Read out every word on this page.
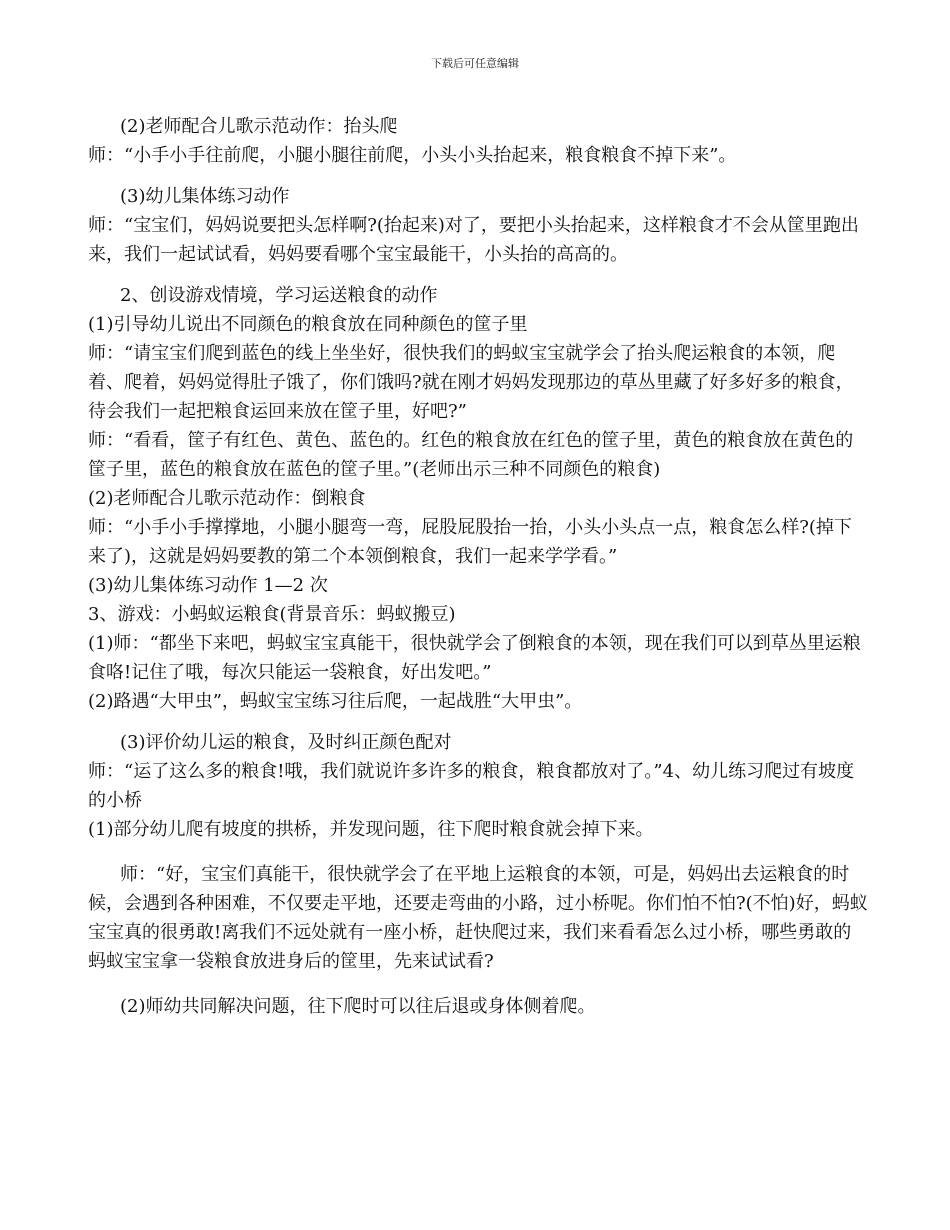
下载后可任意编辑

(2)老师配合儿歌示范动作：抬头爬

师：“小手小手往前爬，小腿小腿往前爬，小头小头抬起来，粮食粮食不掉下来”。

(3)幼儿集体练习动作

师：“宝宝们，妈妈说要把头怎样啊?(抬起来)对了，要把小头抬起来，这样粮食才不会从筐里跑出来，我们一起试试看，妈妈要看哪个宝宝最能干，小头抬的高高的。

2、创设游戏情境，学习运送粮食的动作

(1)引导幼儿说出不同颜色的粮食放在同种颜色的筐子里

师：“请宝宝们爬到蓝色的线上坐坐好，很快我们的蚂蚁宝宝就学会了抬头爬运粮食的本领，爬着、爬着，妈妈觉得肚子饿了，你们饿吗?就在刚才妈妈发现那边的草丛里藏了好多好多的粮食，待会我们一起把粮食运回来放在筐子里，好吧?”

师：“看看，筐子有红色、黄色、蓝色的。红色的粮食放在红色的筐子里，黄色的粮食放在黄色的筐子里，蓝色的粮食放在蓝色的筐子里。”(老师出示三种不同颜色的粮食)

(2)老师配合儿歌示范动作：倒粮食

师：“小手小手撑撑地，小腿小腿弯一弯，屁股屁股抬一抬，小头小头点一点，粮食怎么样?(掉下来了)，这就是妈妈要教的第二个本领倒粮食，我们一起来学学看。”

(3)幼儿集体练习动作 1—2 次

3、游戏：小蚂蚁运粮食(背景音乐：蚂蚁搬豆)

(1)师：“都坐下来吧，蚂蚁宝宝真能干，很快就学会了倒粮食的本领，现在我们可以到草丛里运粮食咯!记住了哦，每次只能运一袋粮食，好出发吧。”

(2)路遇“大甲虫”，蚂蚁宝宝练习往后爬，一起战胜“大甲虫”。

(3)评价幼儿运的粮食，及时纠正颜色配对

师：“运了这么多的粮食!哦，我们就说许多许多的粮食，粮食都放对了。”4、幼儿练习爬过有坡度的小桥

(1)部分幼儿爬有坡度的拱桥，并发现问题，往下爬时粮食就会掉下来。

师：“好，宝宝们真能干，很快就学会了在平地上运粮食的本领，可是，妈妈出去运粮食的时候，会遇到各种困难，不仅要走平地，还要走弯曲的小路，过小桥呢。你们怕不怕?(不怕)好，蚂蚁宝宝真的很勇敢!离我们不远处就有一座小桥，赶快爬过来，我们来看看怎么过小桥，哪些勇敢的蚂蚁宝宝拿一袋粮食放进身后的筐里，先来试试看?

(2)师幼共同解决问题，往下爬时可以往后退或身体侧着爬。
